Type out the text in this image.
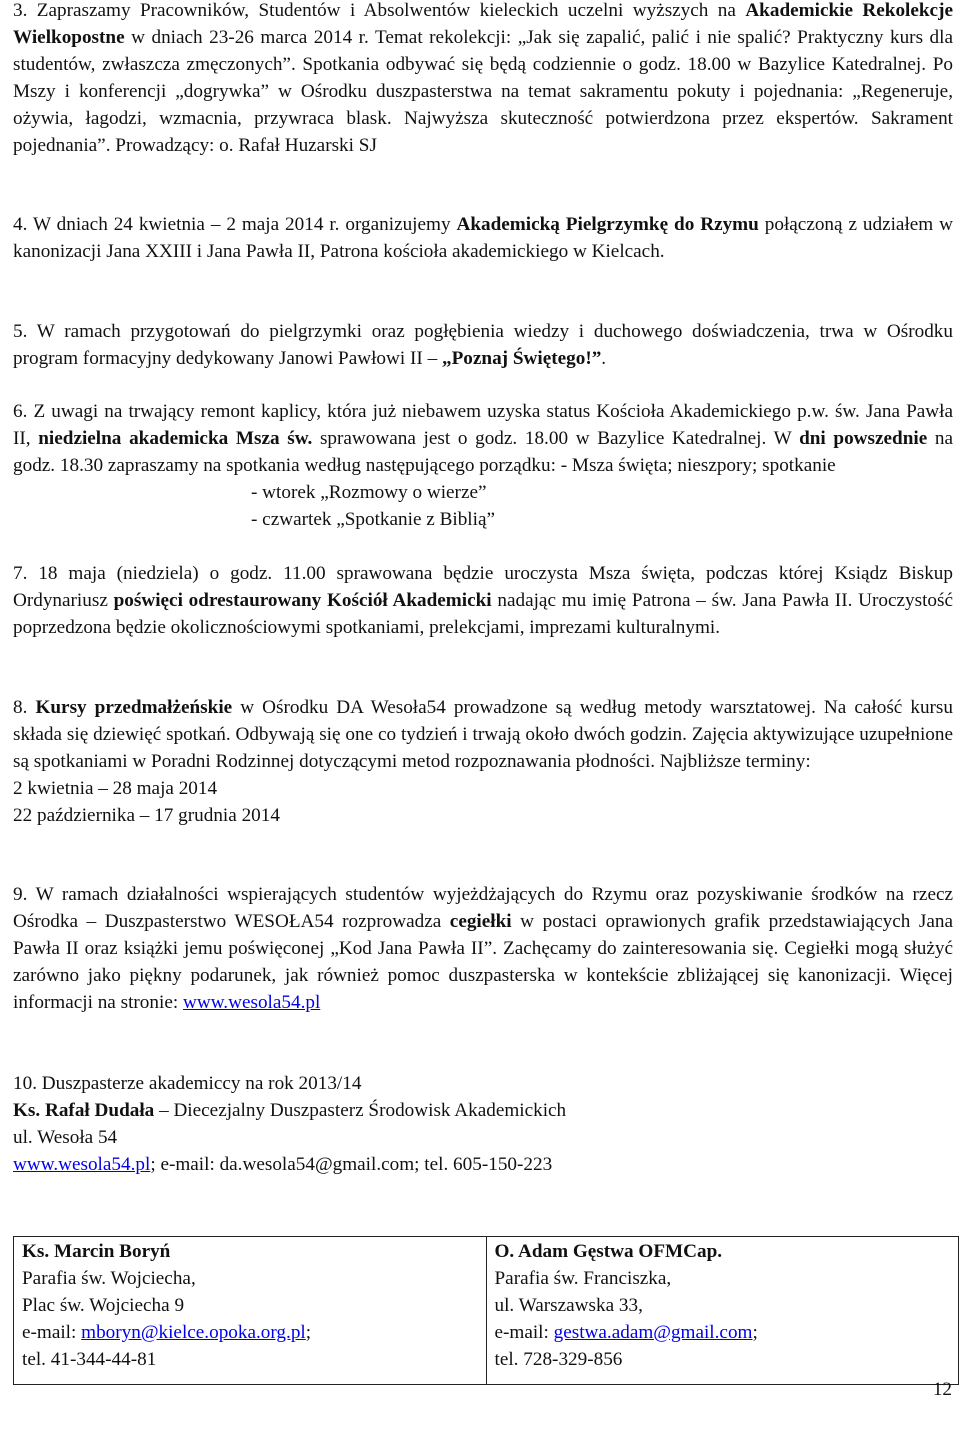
3. Zapraszamy Pracowników, Studentów i Absolwentów kieleckich uczelni wyższych na Akademickie Rekolekcje Wielkopostne w dniach 23-26 marca 2014 r. Temat rekolekcji: „Jak się zapalić, palić i nie spalić? Praktyczny kurs dla studentów, zwłaszcza zmęczonych”. Spotkania odbywać się będą codziennie o godz. 18.00 w Bazylice Katedralnej. Po Mszy i konferencji „dogrywka” w Ośrodku duszpasterstwa na temat sakramentu pokuty i pojednania: „Regeneruje, ożywia, łagodzi, wzmacnia, przywraca blask. Najwyższa skuteczność potwierdzona przez ekspertów. Sakrament pojednania”. Prowadzący: o. Rafał Huzarski SJ

4. W dniach 24 kwietnia – 2 maja 2014 r. organizujemy Akademicką Pielgrzymkę do Rzymu połączoną z udziałem w kanonizacji Jana XXIII i Jana Pawła II, Patrona kościoła akademickiego w Kielcach.

5. W ramach przygotowań do pielgrzymki oraz pogłębienia wiedzy i duchowego doświadczenia, trwa w Ośrodku program formacyjny dedykowany Janowi Pawłowi II – „Poznaj Świętego!”.

6. Z uwagi na trwający remont kaplicy, która już niebawem uzyska status Kościoła Akademickiego p.w. św. Jana Pawła II, niedzielna akademicka Msza św. sprawowana jest o godz. 18.00 w Bazylice Katedralnej. W dni powszednie na godz. 18.30 zapraszamy na spotkania według następującego porządku: - Msza święta; nieszpory; spotkanie

- wtorek „Rozmowy o wierze”

- czwartek „Spotkanie z Biblią”

7. 18 maja (niedziela) o godz. 11.00 sprawowana będzie uroczysta Msza święta, podczas której Ksiądz Biskup Ordynariusz poświęci odrestaurowany Kościół Akademicki nadając mu imię Patrona – św. Jana Pawła II. Uroczystość poprzedzona będzie okolicznościowymi spotkaniami, prelekcjami, imprezami kulturalnymi.

8. Kursy przedmałżeńskie w Ośrodku DA Wesoła54 prowadzone są według metody warsztatowej. Na całość kursu składa się dziewięć spotkań. Odbywają się one co tydzień i trwają około dwóch godzin. Zajęcia aktywizujące uzupełnione są spotkaniami w Poradni Rodzinnej dotyczącymi metod rozpoznawania płodności. Najbliższe terminy:

2 kwietnia – 28 maja 2014

22 października – 17 grudnia 2014

9. W ramach działalności wspierających studentów wyjeżdżających do Rzymu oraz pozyskiwanie środków na rzecz Ośrodka – Duszpasterstwo WESOŁA54 rozprowadza cegiełki w postaci oprawionych grafik przedstawiających Jana Pawła II oraz książki jemu poświęconej „Kod Jana Pawła II”. Zachęcamy do zainteresowania się. Cegiełki mogą służyć zarówno jako piękny podarunek, jak również pomoc duszpasterska w kontekście zbliżającej się kanonizacji. Więcej informacji na stronie: www.wesola54.pl

10. Duszpasterze akademiccy na rok 2013/14

Ks. Rafał Dudała – Diecezjalny Duszpasterz Środowisk Akademickich

ul. Wesoła 54

www.wesola54.pl; e-mail: da.wesola54@gmail.com; tel. 605-150-223

Ks. Marcin Boryń
Parafia św. Wojciecha,
Plac św. Wojciecha 9
e-mail: mboryn@kielce.opoka.org.pl;
tel. 41-344-44-81

O. Adam Gęstwa OFMCap.
Parafia św. Franciszka,
ul. Warszawska 33,
e-mail: gestwa.adam@gmail.com;
tel. 728-329-856
12
